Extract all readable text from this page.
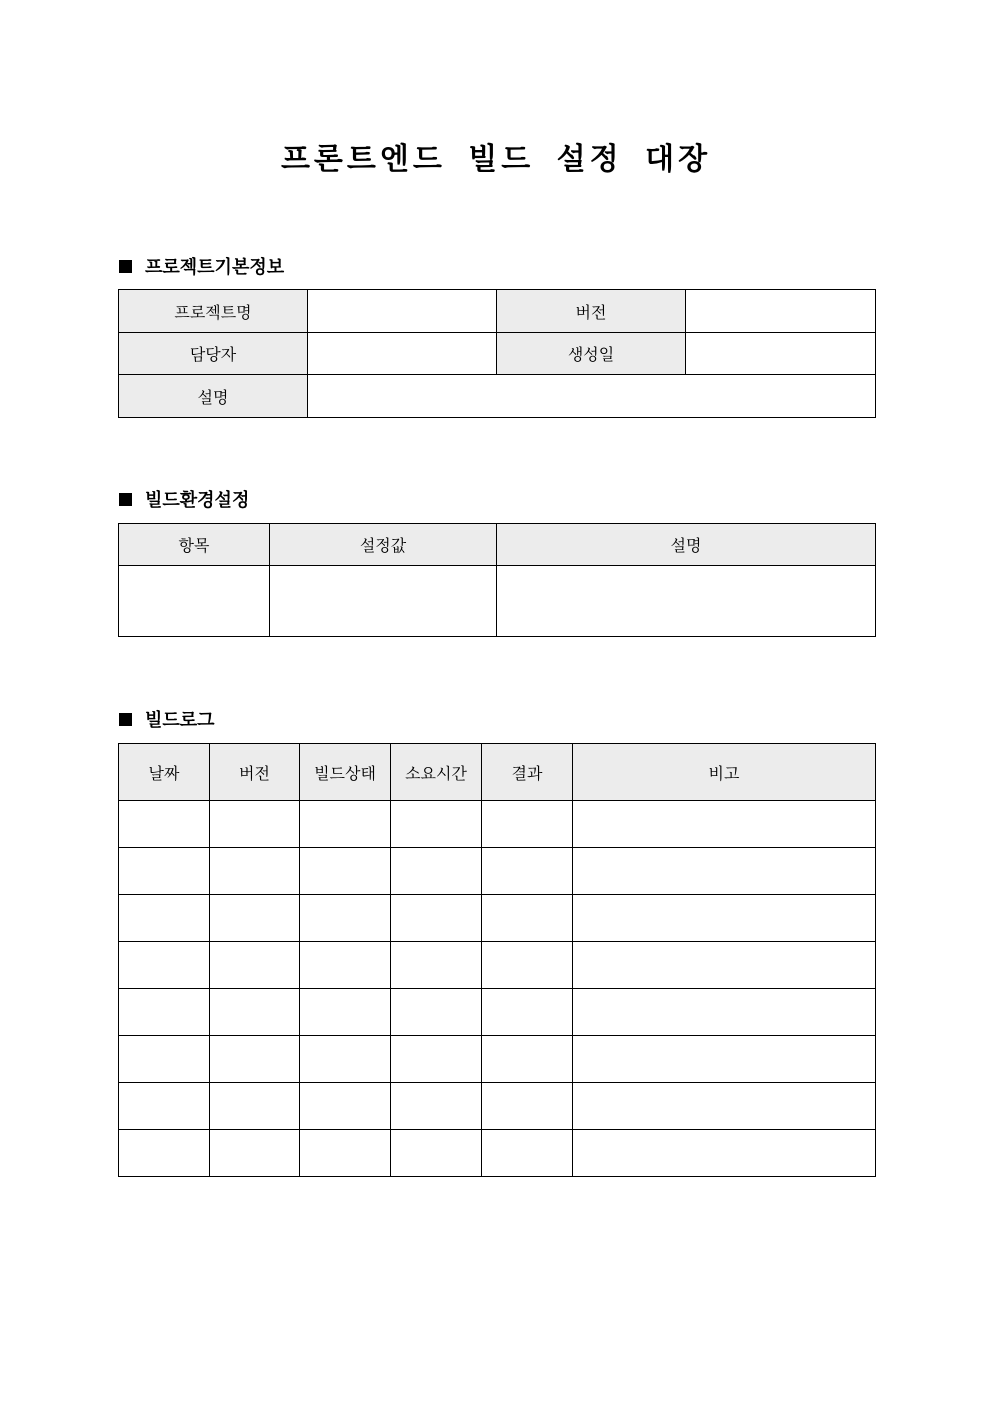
프론트엔드 빌드 설정 대장
프로젝트기본정보
프로젝트명		버전	
담당자		생성일	
설명			
빌드환경설정
항목	설정값	설명

빌드로그
날짜	버전	빌드상태	소요시간	결과	비고
